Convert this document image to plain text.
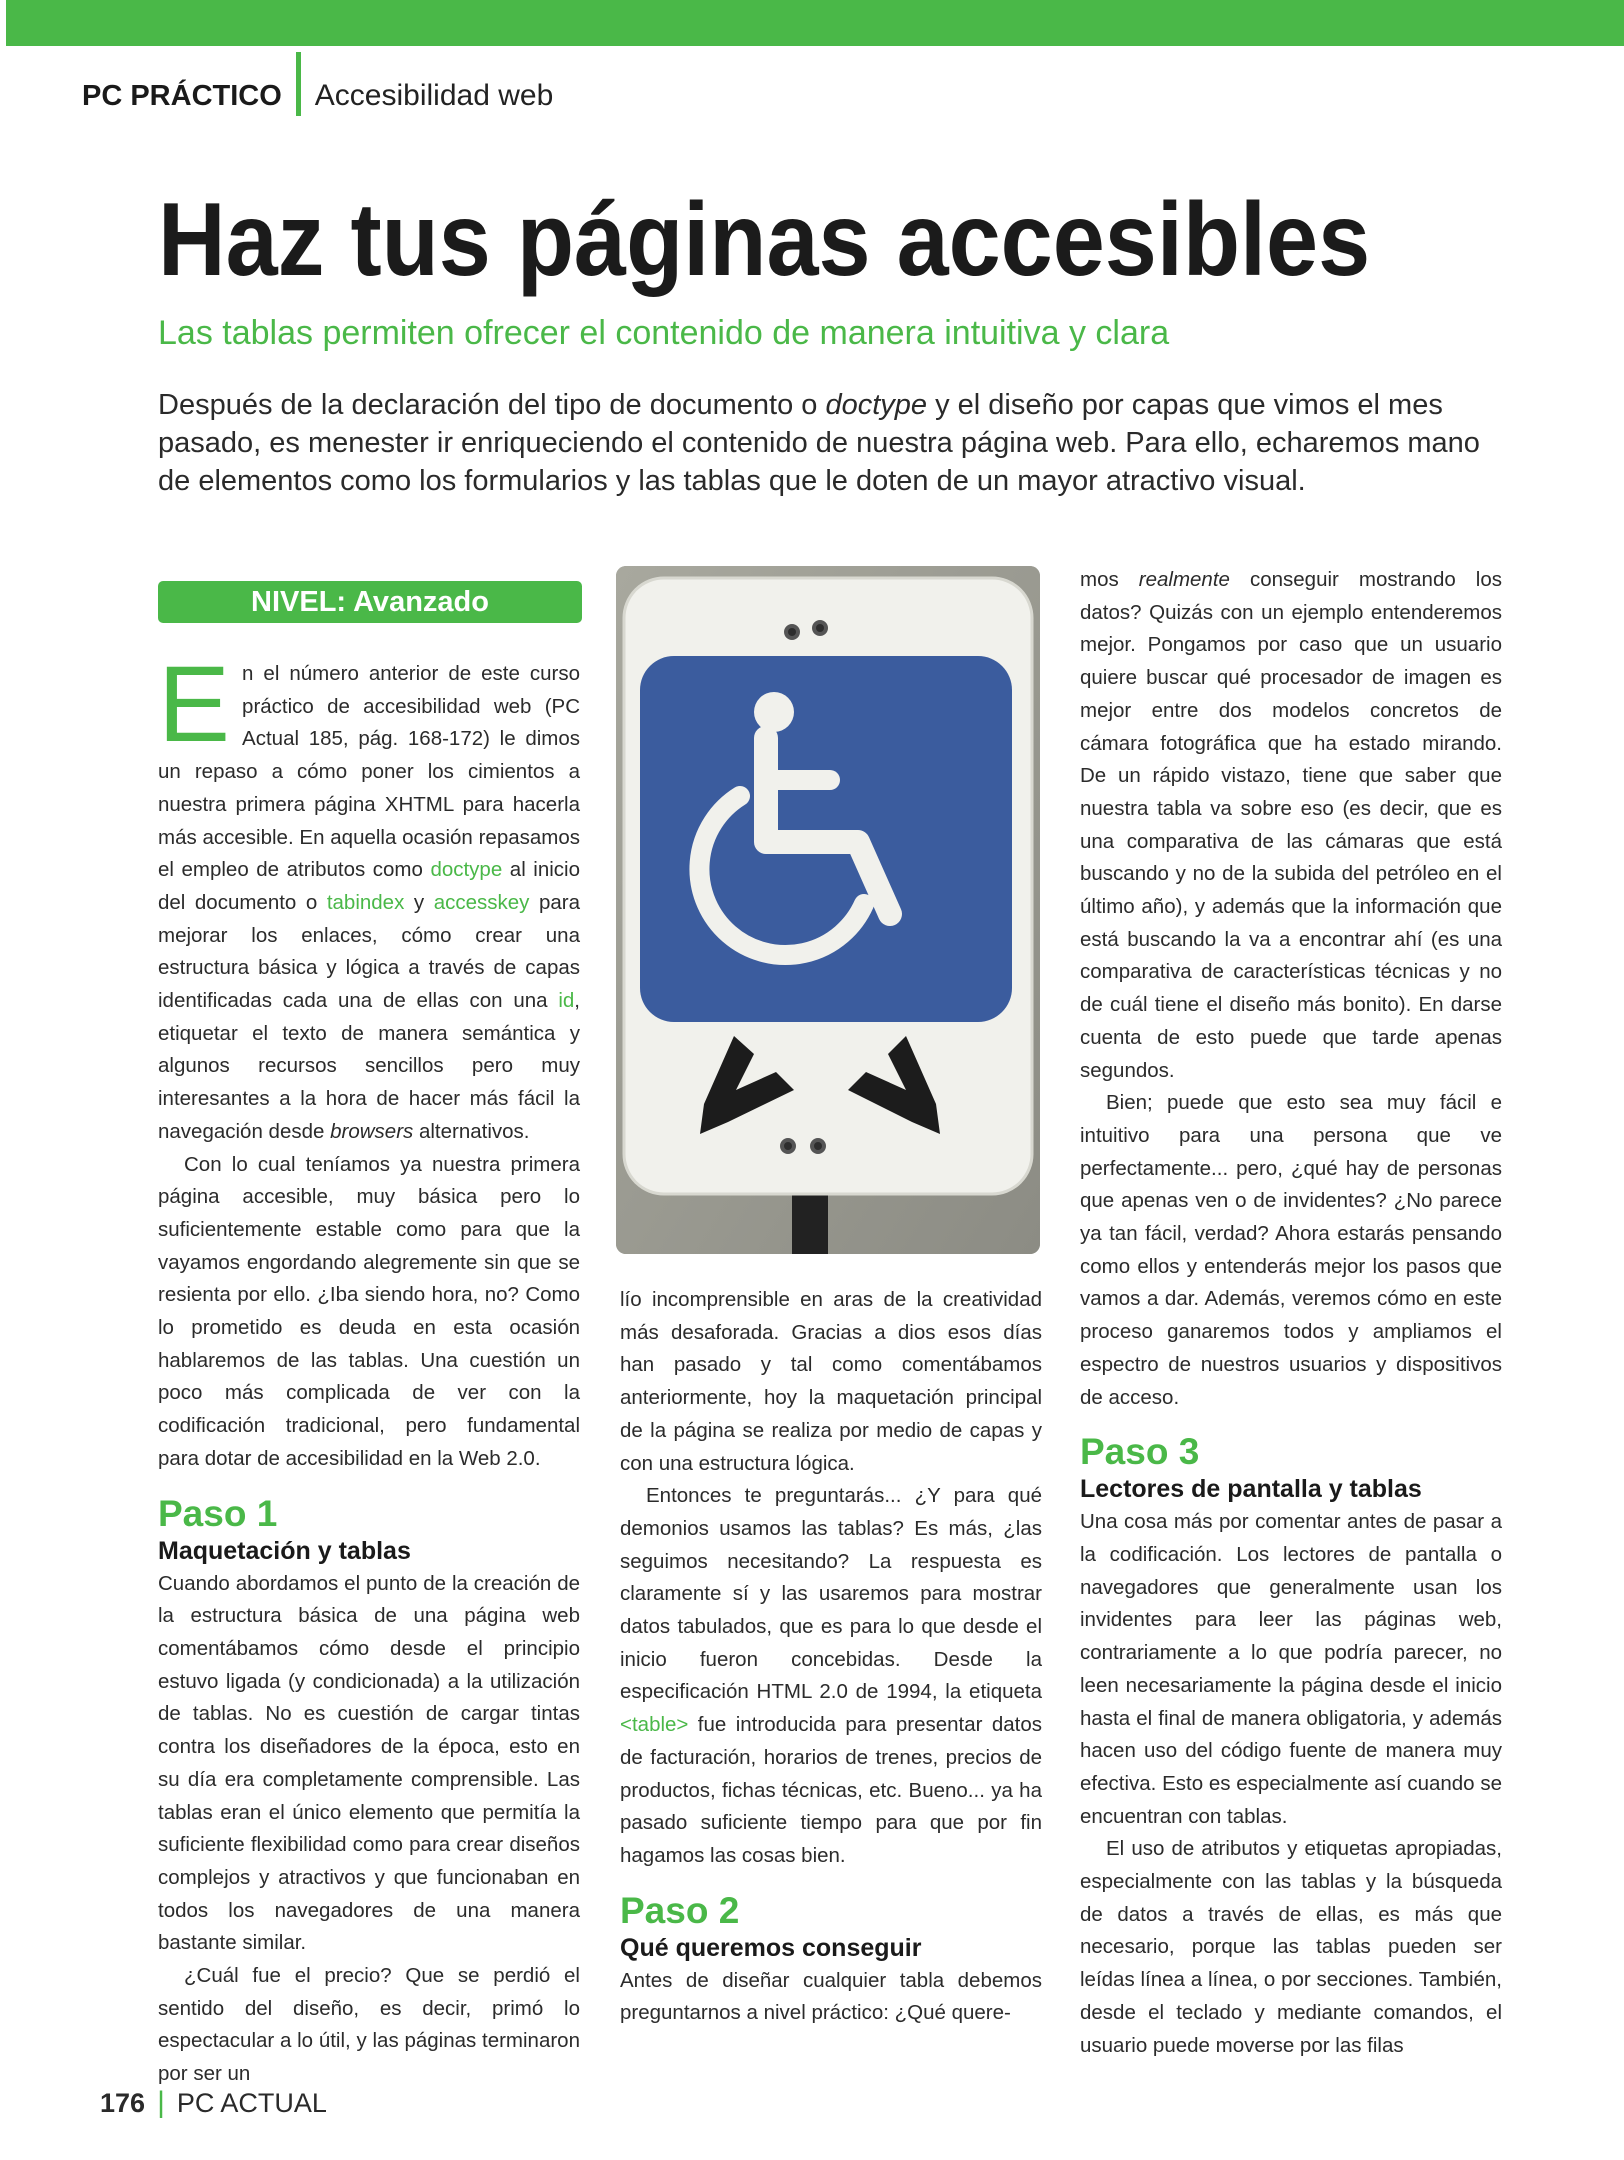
PC PRÁCTICO Accesibilidad web
Haz tus páginas accesibles
Las tablas permiten ofrecer el contenido de manera intuitiva y clara
Después de la declaración del tipo de documento o doctype y el diseño por capas que vimos el mes pasado, es menester ir enriqueciendo el contenido de nuestra página web. Para ello, echaremos mano de elementos como los formularios y las tablas que le doten de un mayor atractivo visual.
NIVEL: Avanzado

En el número anterior de este curso práctico de accesibilidad web (PC Actual 185, pág. 168-172) le dimos un repaso a cómo poner los cimientos a nuestra primera página XHTML para hacerla más accesible. En aquella ocasión repasamos el empleo de atributos como doctype al inicio del documento o tabindex y accesskey para mejorar los enlaces, cómo crear una estructura básica y lógica a través de capas identificadas cada una de ellas con una id, etiquetar el texto de manera semántica y algunos recursos sencillos pero muy interesantes a la hora de hacer más fácil la navegación desde browsers alternativos.

Con lo cual teníamos ya nuestra primera página accesible, muy básica pero lo suficientemente estable como para que la vayamos engordando alegremente sin que se resienta por ello. ¿Iba siendo hora, no? Como lo prometido es deuda en esta ocasión hablaremos de las tablas. Una cuestión un poco más complicada de ver con la codificación tradicional, pero fundamental para dotar de accesibilidad en la Web 2.0.

Paso 1
Maquetación y tablas

Cuando abordamos el punto de la creación de la estructura básica de una página web comentábamos cómo desde el principio estuvo ligada (y condicionada) a la utilización de tablas. No es cuestión de cargar tintas contra los diseñadores de la época, esto en su día era completamente comprensible. Las tablas eran el único elemento que permitía la suficiente flexibilidad como para crear diseños complejos y atractivos y que funcionaban en todos los navegadores de una manera bastante similar.

¿Cuál fue el precio? Que se perdió el sentido del diseño, es decir, primó lo espectacular a lo útil, y las páginas terminaron por ser un

lío incomprensible en aras de la creatividad más desaforada. Gracias a dios esos días han pasado y tal como comentábamos anteriormente, hoy la maquetación principal de la página se realiza por medio de capas y con una estructura lógica.

Entonces te preguntarás... ¿Y para qué demonios usamos las tablas? Es más, ¿las seguimos necesitando? La respuesta es claramente sí y las usaremos para mostrar datos tabulados, que es para lo que desde el inicio fueron concebidas. Desde la especificación HTML 2.0 de 1994, la etiqueta <table> fue introducida para presentar datos de facturación, horarios de trenes, precios de productos, fichas técnicas, etc. Bueno... ya ha pasado suficiente tiempo para que por fin hagamos las cosas bien.

Paso 2
Qué queremos conseguir

Antes de diseñar cualquier tabla debemos preguntarnos a nivel práctico: ¿Qué quere-

mos realmente conseguir mostrando los datos? Quizás con un ejemplo entenderemos mejor. Pongamos por caso que un usuario quiere buscar qué procesador de imagen es mejor entre dos modelos concretos de cámara fotográfica que ha estado mirando. De un rápido vistazo, tiene que saber que nuestra tabla va sobre eso (es decir, que es una comparativa de las cámaras que está buscando y no de la subida del petróleo en el último año), y además que la información que está buscando la va a encontrar ahí (es una comparativa de características técnicas y no de cuál tiene el diseño más bonito). En darse cuenta de esto puede que tarde apenas segundos.

Bien; puede que esto sea muy fácil e intuitivo para una persona que ve perfectamente... pero, ¿qué hay de personas que apenas ven o de invidentes? ¿No parece ya tan fácil, verdad? Ahora estarás pensando como ellos y entenderás mejor los pasos que vamos a dar. Además, veremos cómo en este proceso ganaremos todos y ampliamos el espectro de nuestros usuarios y dispositivos de acceso.

Paso 3
Lectores de pantalla y tablas

Una cosa más por comentar antes de pasar a la codificación. Los lectores de pantalla o navegadores que generalmente usan los invidentes para leer las páginas web, contrariamente a lo que podría parecer, no leen necesariamente la página desde el inicio hasta el final de manera obligatoria, y además hacen uso del código fuente de manera muy efectiva. Esto es especialmente así cuando se encuentran con tablas.

El uso de atributos y etiquetas apropiadas, especialmente con las tablas y la búsqueda de datos a través de ellas, es más que necesario, porque las tablas pueden ser leídas línea a línea, o por secciones. También, desde el teclado y mediante comandos, el usuario puede moverse por las filas

176 | PC ACTUAL
